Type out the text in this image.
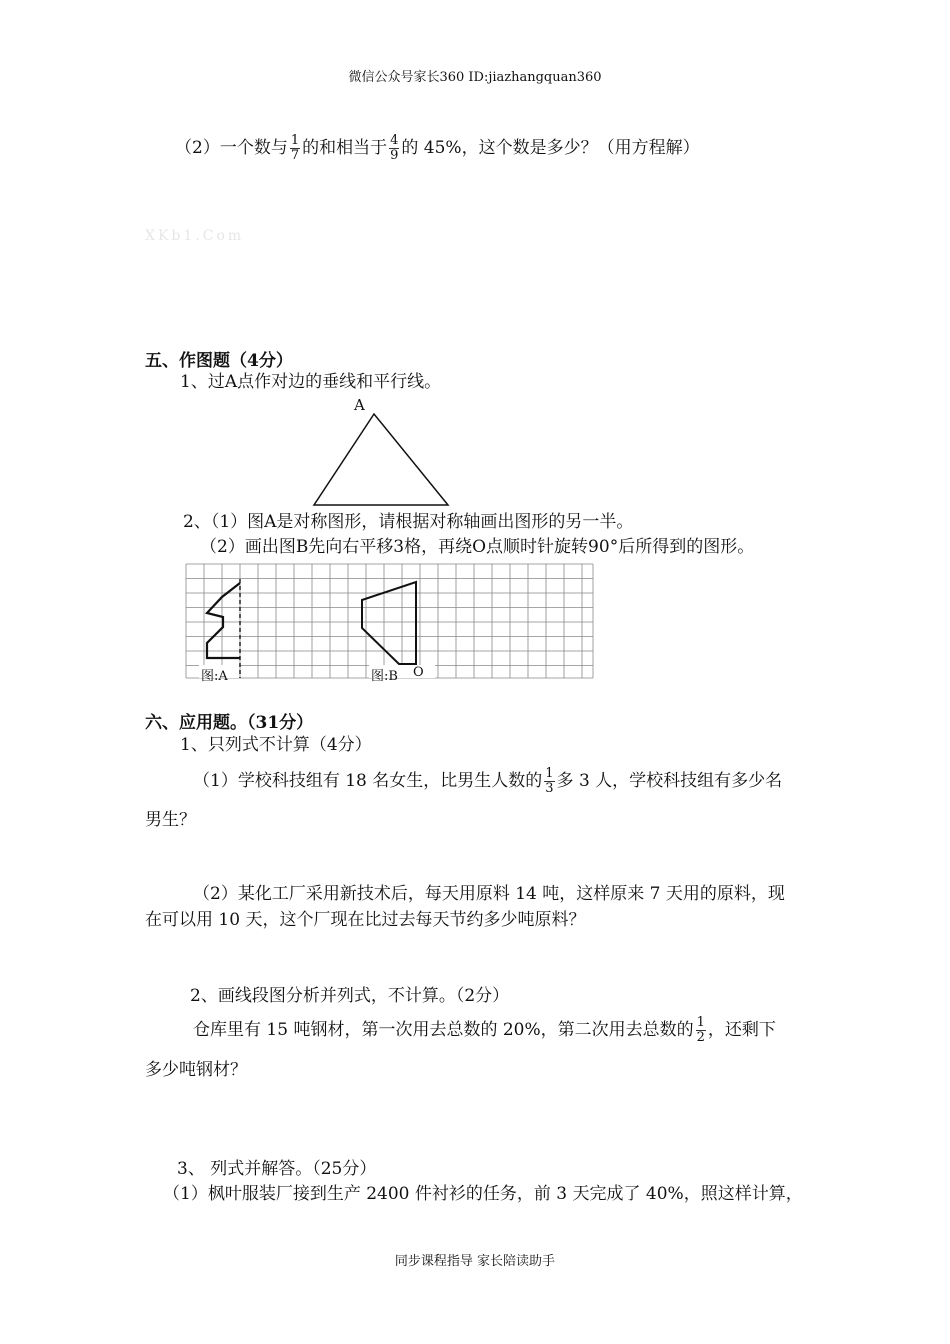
微信公众号家长360 ID:jiazhangquan360
（2）一个数与 $\frac{1}{7}$ 的和相当于 $\frac{4}{9}$ 的 45%，这个数是多少？（用方程解）
XKb1.Com
五、作图题（4分）
1、过A点作对边的垂线和平行线。
A
2、（1）图A是对称图形，请根据对称轴画出图形的另一半。
（2）画出图B先向右平移3格，再绕O点顺时针旋转90°后所得到的图形。
图:A	图:B O
六、应用题。（31分）
1、只列式不计算（4分）
（1）学校科技组有 18 名女生，比男生人数的 $\frac{1}{3}$ 多 3 人，学校科技组有多少名
男生？
（2）某化工厂采用新技术后，每天用原料 14 吨，这样原来 7 天用的原料，现
在可以用 10 天，这个厂现在比过去每天节约多少吨原料？
2、画线段图分析并列式，不计算。（2分）
仓库里有 15 吨钢材，第一次用去总数的 20%，第二次用去总数的 $\frac{1}{2}$ ，还剩下
多少吨钢材？
3、 列式并解答。（25分）
（1）枫叶服装厂接到生产 2400 件衬衫的任务，前 3 天完成了 40%，照这样计算，
同步课程指导 家长陪读助手
